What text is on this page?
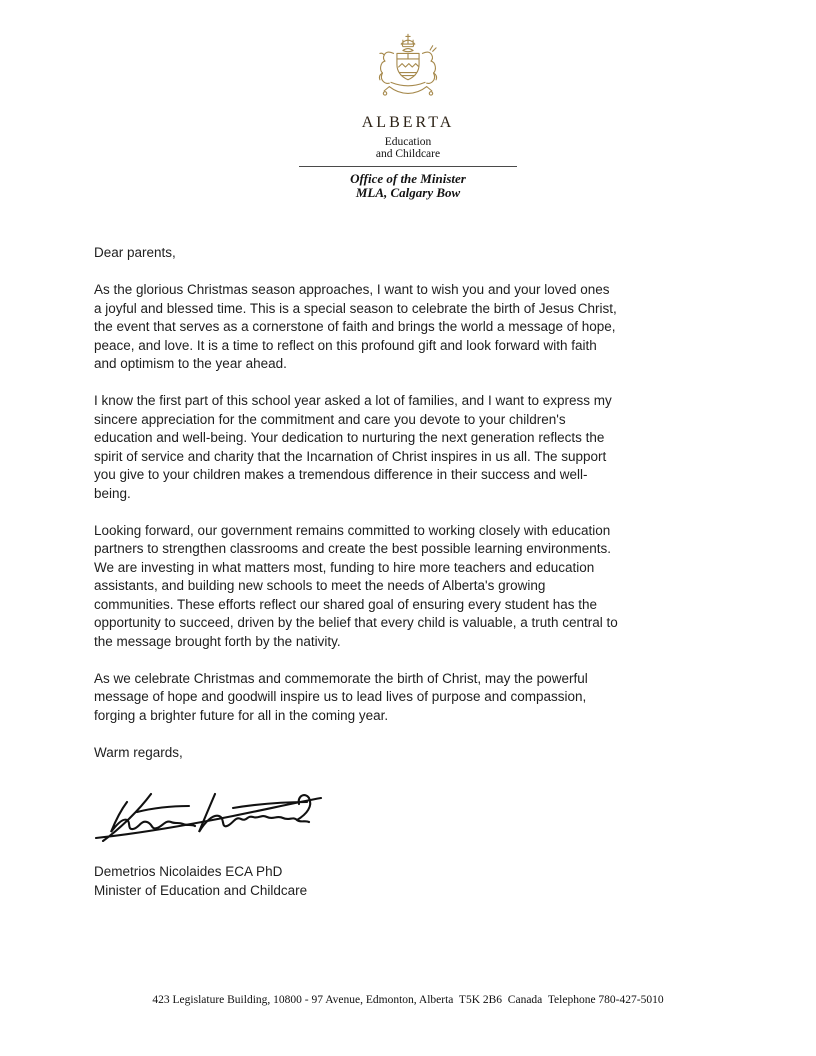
ALBERTA
Education
and Childcare
Office of the Minister
MLA, Calgary Bow

Dear parents,

As the glorious Christmas season approaches, I want to wish you and your loved ones
a joyful and blessed time. This is a special season to celebrate the birth of Jesus Christ,
the event that serves as a cornerstone of faith and brings the world a message of hope,
peace, and love. It is a time to reflect on this profound gift and look forward with faith
and optimism to the year ahead.

I know the first part of this school year asked a lot of families, and I want to express my
sincere appreciation for the commitment and care you devote to your children's
education and well-being. Your dedication to nurturing the next generation reflects the
spirit of service and charity that the Incarnation of Christ inspires in us all. The support
you give to your children makes a tremendous difference in their success and well-
being.

Looking forward, our government remains committed to working closely with education
partners to strengthen classrooms and create the best possible learning environments.
We are investing in what matters most, funding to hire more teachers and education
assistants, and building new schools to meet the needs of Alberta's growing
communities. These efforts reflect our shared goal of ensuring every student has the
opportunity to succeed, driven by the belief that every child is valuable, a truth central to
the message brought forth by the nativity.

As we celebrate Christmas and commemorate the birth of Christ, may the powerful
message of hope and goodwill inspire us to lead lives of purpose and compassion,
forging a brighter future for all in the coming year.

Warm regards,

Demetrios Nicolaides ECA PhD
Minister of Education and Childcare
423 Legislature Building, 10800 - 97 Avenue, Edmonton, Alberta  T5K 2B6  Canada  Telephone 780-427-5010
